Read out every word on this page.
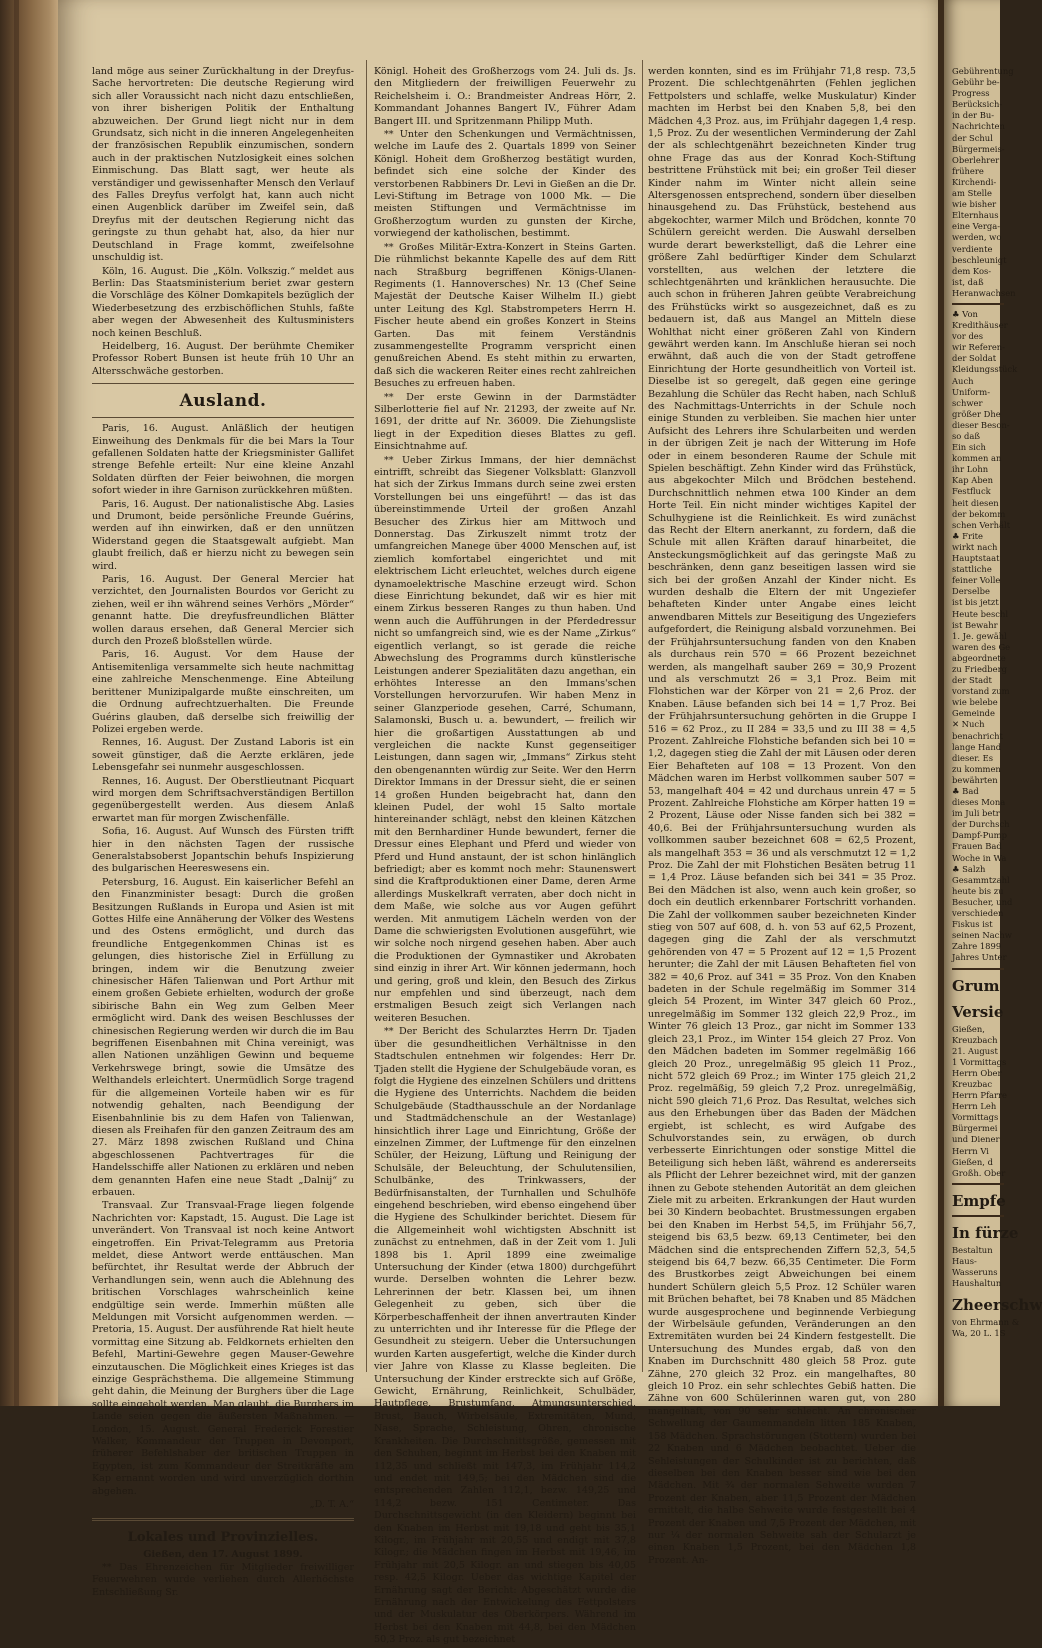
land möge aus seiner Zurückhaltung in der Dreyfus-Sache hervortreten: Die deutsche Regierung wird sich aller Voraussicht nach nicht dazu entschließen, von ihrer bisherigen Politik der Enthaltung abzuweichen. Der Grund liegt nicht nur in dem Grundsatz, sich nicht in die inneren Angelegenheiten der französischen Republik einzumischen, sondern auch in der praktischen Nutzlosigkeit eines solchen Einmischung. Das Blatt sagt, wer heute als verständiger und gewissenhafter Mensch den Verlauf des Falles Dreyfus verfolgt hat, kann auch nicht einen Augenblick darüber im Zweifel sein, daß Dreyfus mit der deutschen Regierung nicht das geringste zu thun gehabt hat, also, da hier nur Deutschland in Frage kommt, zweifelsohne unschuldig ist.

Köln, 16. August. Die „Köln. Volkszig.“ meldet aus Berlin: Das Staatsministerium beriet zwar gestern die Vorschläge des Kölner Domkapitels bezüglich der Wiederbesetzung des erzbischöflichen Stuhls, faßte aber wegen der Abwesenheit des Kultusministers noch keinen Beschluß.

Heidelberg, 16. August. Der berühmte Chemiker Professor Robert Bunsen ist heute früh 10 Uhr an Altersschwäche gestorben.

Ausland.

Paris, 16. August. Anläßlich der heutigen Einweihung des Denkmals für die bei Mars la Tour gefallenen Soldaten hatte der Kriegsminister Gallifet strenge Befehle erteilt: Nur eine kleine Anzahl Soldaten dürften der Feier beiwohnen, die morgen sofort wieder in ihre Garnison zurückkehren müßten.

Paris, 16. August. Der nationalistische Abg. Lasies und Drumont, beide persönliche Freunde Guérins, werden auf ihn einwirken, daß er den unnützen Widerstand gegen die Staatsgewalt aufgiebt. Man glaubt freilich, daß er hierzu nicht zu bewegen sein wird.

Paris, 16. August. Der General Mercier hat verzichtet, den Journalisten Bourdos vor Gericht zu ziehen, weil er ihn während seines Verhörs „Mörder“ genannt hatte. Die dreyfusfreundlichen Blätter wollen daraus ersehen, daß General Mercier sich durch den Prozeß bloßstellen würde.

Paris, 16. August. Vor dem Hause der Antisemitenliga versammelte sich heute nachmittag eine zahlreiche Menschenmenge. Eine Abteilung berittener Munizipalgarde mußte einschreiten, um die Ordnung aufrechtzuerhalten. Die Freunde Guérins glauben, daß derselbe sich freiwillig der Polizei ergeben werde.

Rennes, 16. August. Der Zustand Laboris ist ein soweit günstiger, daß die Aerzte erklären, jede Lebensgefahr sei nunmehr ausgeschlossen.

Rennes, 16. August. Der Oberstlieutnant Picquart wird morgen dem Schriftsachverständigen Bertillon gegenübergestellt werden. Aus diesem Anlaß erwartet man für morgen Zwischenfälle.

Sofia, 16. August. Auf Wunsch des Fürsten trifft hier in den nächsten Tagen der russische Generalstabsoberst Jopantschin behufs Inspizierung des bulgarischen Heereswesens ein.

Petersburg, 16. August. Ein kaiserlicher Befehl an den Finanzminister besagt: Durch die großen Besitzungen Rußlands in Europa und Asien ist mit Gottes Hilfe eine Annäherung der Völker des Westens und des Ostens ermöglicht, und durch das freundliche Entgegenkommen Chinas ist es gelungen, dies historische Ziel in Erfüllung zu bringen, indem wir die Benutzung zweier chinesischer Häfen Talienwan und Port Arthur mit einem großen Gebiete erhielten, wodurch der große sibirische Bahn ein Weg zum Gelben Meer ermöglicht wird. Dank des weisen Beschlusses der chinesischen Regierung werden wir durch die im Bau begriffenen Eisenbahnen mit China vereinigt, was allen Nationen unzähligen Gewinn und bequeme Verkehrswege bringt, sowie die Umsätze des Welthandels erleichtert. Unermüdlich Sorge tragend für die allgemeinen Vorteile haben wir es für notwendig gehalten, nach Beendigung der Eisenbahnlinie bis zu dem Hafen von Talienwan, diesen als Freihafen für den ganzen Zeitraum des am 27. März 1898 zwischen Rußland und China abgeschlossenen Pachtvertrages für die Handelsschiffe aller Nationen zu erklären und neben dem genannten Hafen eine neue Stadt „Dalnij“ zu erbauen.

Transvaal. Zur Transvaal-Frage liegen folgende Nachrichten vor: Kapstadt, 15. August. Die Lage ist unverändert. Von Transvaal ist noch keine Antwort eingetroffen. Ein Privat-Telegramm aus Pretoria meldet, diese Antwort werde enttäuschen. Man befürchtet, ihr Resultat werde der Abbruch der Verhandlungen sein, wenn auch die Ablehnung des britischen Vorschlages wahrscheinlich keine endgültige sein werde. Immerhin müßten alle Meldungen mit Vorsicht aufgenommen werden. — Pretoria, 15. August. Der ausführende Rat hielt heute vormittag eine Sitzung ab. Feldkornets erhielten den Befehl, Martini-Gewehre gegen Mauser-Gewehre einzutauschen. Die Möglichkeit eines Krieges ist das einzige Gesprächsthema. Die allgemeine Stimmung geht dahin, die Meinung der Burghers über die Lage sollte eingeholt werden. Man glaubt, die Burghers im Lande seien gegen die äußersten Maßnahmen. — London, 15. August. General Frederick Forestier Walker, Kommandeur der Truppen in Devonport, früherer Befehlshaber der britischen Truppen in Egypten, ist zum Kommandeur der Streitkräfte am Kap ernannt worden und wird unverzüglich dorthin abgehen.

„D. T. A.“

Lokales und Provinzielles.

Gießen, den 17. August 1899.

** Das Ehrenzeichen für Mitglieder freiwilliger Feuerwehren wurde verliehen durch Allerhöchste Entschließung Sr.

Königl. Hoheit des Großherzogs vom 24. Juli ds. Js. den Mitgliedern der freiwilligen Feuerwehr zu Reichelsheim i. O.: Brandmeister Andreas Hörr, 2. Kommandant Johannes Bangert IV., Führer Adam Bangert III. und Spritzenmann Philipp Muth.

** Unter den Schenkungen und Vermächtnissen, welche im Laufe des 2. Quartals 1899 von Seiner Königl. Hoheit dem Großherzog bestätigt wurden, befindet sich eine solche der Kinder des verstorbenen Rabbiners Dr. Levi in Gießen an die Dr. Levi-Stiftung im Betrage von 1000 Mk. — Die meisten Stiftungen und Vermächtnisse im Großherzogtum wurden zu gunsten der Kirche, vorwiegend der katholischen, bestimmt.

** Großes Militär-Extra-Konzert in Steins Garten. Die rühmlichst bekannte Kapelle des auf dem Ritt nach Straßburg begriffenen Königs-Ulanen-Regiments (1. Hannoversches) Nr. 13 (Chef Seine Majestät der Deutsche Kaiser Wilhelm II.) giebt unter Leitung des Kgl. Stabstrompeters Herrn H. Fischer heute abend ein großes Konzert in Steins Garten. Das mit feinem Verständnis zusammengestellte Programm verspricht einen genußreichen Abend. Es steht mithin zu erwarten, daß sich die wackeren Reiter eines recht zahlreichen Besuches zu erfreuen haben.

** Der erste Gewinn in der Darmstädter Silberlotterie fiel auf Nr. 21293, der zweite auf Nr. 1691, der dritte auf Nr. 36009. Die Ziehungsliste liegt in der Expedition dieses Blattes zu gefl. Einsichtnahme auf.

** Ueber Zirkus Immans, der hier demnächst eintrifft, schreibt das Siegener Volksblatt: Glanzvoll hat sich der Zirkus Immans durch seine zwei ersten Vorstellungen bei uns eingeführt! — das ist das übereinstimmende Urteil der großen Anzahl Besucher des Zirkus hier am Mittwoch und Donnerstag. Das Zirkuszelt nimmt trotz der umfangreichen Manege über 4000 Menschen auf, ist ziemlich komfortabel eingerichtet und mit elektrischem Licht erleuchtet, welches durch eigene dynamoelektrische Maschine erzeugt wird. Schon diese Einrichtung bekundet, daß wir es hier mit einem Zirkus besseren Ranges zu thun haben. Und wenn auch die Aufführungen in der Pferdedressur nicht so umfangreich sind, wie es der Name „Zirkus“ eigentlich verlangt, so ist gerade die reiche Abwechslung des Programms durch künstlerische Leistungen anderer Spezialitäten dazu angethan, ein erhöhtes Interesse an den Immans'schen Vorstellungen hervorzurufen. Wir haben Menz in seiner Glanzperiode gesehen, Carré, Schumann, Salamonski, Busch u. a. bewundert, — freilich wir hier die großartigen Ausstattungen ab und vergleichen die nackte Kunst gegenseitiger Leistungen, dann sagen wir, „Immans“ Zirkus steht den obengenannten würdig zur Seite. Wer den Herrn Direktor Immans in der Dressur sieht, die er seinen 14 großen Hunden beigebracht hat, dann den kleinen Pudel, der wohl 15 Salto mortale hintereinander schlägt, nebst den kleinen Kätzchen mit den Bernhardiner Hunde bewundert, ferner die Dressur eines Elephant und Pferd und wieder von Pferd und Hund anstaunt, der ist schon hinlänglich befriedigt; aber es kommt noch mehr: Staunenswert sind die Kraftproduktionen einer Dame, deren Arme allerdings Muskelkraft verraten, aber doch nicht in dem Maße, wie solche aus vor Augen geführt werden. Mit anmutigem Lächeln werden von der Dame die schwierigsten Evolutionen ausgeführt, wie wir solche noch nirgend gesehen haben. Aber auch die Produktionen der Gymnastiker und Akrobaten sind einzig in ihrer Art. Wir können jedermann, hoch und gering, groß und klein, den Besuch des Zirkus nur empfehlen und sind überzeugt, nach dem erstmaligen Besuch zeigt sich Verlangen nach weiteren Besuchen.

** Der Bericht des Schularztes Herrn Dr. Tjaden über die gesundheitlichen Verhältnisse in den Stadtschulen entnehmen wir folgendes: Herr Dr. Tjaden stellt die Hygiene der Schulgebäude voran, es folgt die Hygiene des einzelnen Schülers und drittens die Hygiene des Unterrichts. Nachdem die beiden Schulgebäude (Stadthausschule an der Nordanlage und Stadtmädchenschule an der Westanlage) hinsichtlich ihrer Lage und Einrichtung, Größe der einzelnen Zimmer, der Luftmenge für den einzelnen Schüler, der Heizung, Lüftung und Reinigung der Schulsäle, der Beleuchtung, der Schulutensilien, Schulbänke, des Trinkwassers, der Bedürfnisanstalten, der Turnhallen und Schulhöfe eingehend beschrieben, wird ebenso eingehend über die Hygiene des Schulkinder berichtet. Diesem für die Allgemeinheit wohl wichtigsten Abschnitt ist zunächst zu entnehmen, daß in der Zeit vom 1. Juli 1898 bis 1. April 1899 eine zweimalige Untersuchung der Kinder (etwa 1800) durchgeführt wurde. Derselben wohnten die Lehrer bezw. Lehrerinnen der betr. Klassen bei, um ihnen Gelegenheit zu geben, sich über die Körperbeschaffenheit der ihnen anvertrauten Kinder zu unterrichten und ihr Interesse für die Pflege der Gesundheit zu steigern. Ueber die Untersuchungen wurden Karten ausgefertigt, welche die Kinder durch vier Jahre von Klasse zu Klasse begleiten. Die Untersuchung der Kinder erstreckte sich auf Größe, Gewicht, Ernährung, Reinlichkeit, Schulbäder, Hautpflege, Brustumfang, Atmungsunterschied, Brust, Bauch, Wirbelsäule, Extremitäten, Mund, Nase, Sprache, Schleistung, Ohren, chronische Krankheiten. Die Durchschnittsgröße, gemessen mit den Schuhen, beginnt im Herbst bei den Knaben mit 112,35 und schließt mit 147,3, im Frühjahr 114,2 und endet mit 149,5; bei den Mädchen sind die entsprechenden Zahlen 112,1, bezw. 149,25 und 114,2 bezw. 151 Centimeter. Das Durchschnittsgewicht (in den Kleidern) beginnt bei den Knaben im Herbst mit 19,18 und geht bis 35,1 Kilogr., im Frühjahr mit 20,55 und endigt mit 37,8 Kilogr.; die Mädchen fingen im Herbst mit 19,46, im Frühjahr mit 20,5 Kilogr. an und stiegen bis 40,05 resp. 42,5 Kilogr. Ueber das wichtige Kapitel der Ernährung sagt der Bericht: Abgeschätzt wurde die Ernährung nach der Entwickelung des Fettpolsters und der Muskulatur des Oberkörpers. Während im Herbst bei den Knaben mit 44,8, bei den Mädchen 50,3 Proz. als gut bezeichnet

werden konnten, sind es im Frühjahr 71,8 resp. 73,5 Prozent. Die schlechtgenährten (Fehlen jeglichen Fettpolsters und schlaffe, welke Muskulatur) Kinder machten im Herbst bei den Knaben 5,8, bei den Mädchen 4,3 Proz. aus, im Frühjahr dagegen 1,4 resp. 1,5 Proz. Zu der wesentlichen Verminderung der Zahl der als schlechtgenährt bezeichneten Kinder trug ohne Frage das aus der Konrad Koch-Stiftung bestrittene Frühstück mit bei; ein großer Teil dieser Kinder nahm im Winter nicht allein seine Altersgenossen entsprechend, sondern über dieselben hinausgehend zu. Das Frühstück, bestehend aus abgekochter, warmer Milch und Brödchen, konnte 70 Schülern gereicht werden. Die Auswahl derselben wurde derart bewerkstelligt, daß die Lehrer eine größere Zahl bedürftiger Kinder dem Schularzt vorstellten, aus welchen der letztere die schlechtgenährten und kränklichen herausuchte. Die auch schon in früheren Jahren geübte Verabreichung des Frühstücks wirkt so ausgezeichnet, daß es zu bedauern ist, daß aus Mangel an Mitteln diese Wohlthat nicht einer größeren Zahl von Kindern gewährt werden kann. Im Anschluße hieran sei noch erwähnt, daß auch die von der Stadt getroffene Einrichtung der Horte gesundheitlich von Vorteil ist. Dieselbe ist so geregelt, daß gegen eine geringe Bezahlung die Schüler das Recht haben, nach Schluß des Nachmittags-Unterrichts in der Schule noch einige Stunden zu verbleiben. Sie machen hier unter Aufsicht des Lehrers ihre Schularbeiten und werden in der übrigen Zeit je nach der Witterung im Hofe oder in einem besonderen Raume der Schule mit Spielen beschäftigt. Zehn Kinder wird das Frühstück, aus abgekochter Milch und Brödchen bestehend. Durchschnittlich nehmen etwa 100 Kinder an dem Horte Teil. Ein nicht minder wichtiges Kapitel der Schulhygiene ist die Reinlichkeit. Es wird zunächst das Recht der Eltern anerkannt, zu fordern, daß die Schule mit allen Kräften darauf hinarbeitet, die Ansteckungsmöglichkeit auf das geringste Maß zu beschränken, denn ganz beseitigen lassen wird sie sich bei der großen Anzahl der Kinder nicht. Es wurden deshalb die Eltern der mit Ungeziefer behafteten Kinder unter Angabe eines leicht anwendbaren Mittels zur Beseitigung des Ungeziefers aufgefordert, die Reinigung alsbald vorzunehmen. Bei der Frühjahrsuntersuchung fanden von den Knaben als durchaus rein 570 = 66 Prozent bezeichnet werden, als mangelhaft sauber 269 = 30,9 Prozent und als verschmutzt 26 = 3,1 Proz. Beim mit Flohstichen war der Körper von 21 = 2,6 Proz. der Knaben. Läuse befanden sich bei 14 = 1,7 Proz. Bei der Frühjahrsuntersuchung gehörten in die Gruppe I 516 = 62 Proz., zu II 284 = 33,5 und zu III 38 = 4,5 Prozent. Zahlreiche Flohstiche befanden sich bei 10 = 1,2, dagegen stieg die Zahl der mit Läusen oder deren Eier Behafteten auf 108 = 13 Prozent. Von den Mädchen waren im Herbst vollkommen sauber 507 = 53, mangelhaft 404 = 42 und durchaus unrein 47 = 5 Prozent. Zahlreiche Flohstiche am Körper hatten 19 = 2 Prozent, Läuse oder Nisse fanden sich bei 382 = 40,6. Bei der Frühjahrsuntersuchung wurden als vollkommen sauber bezeichnet 608 = 62,5 Prozent, als mangelhaft 353 = 36 und als verschmutzt 12 = 1,2 Proz. Die Zahl der mit Flohstichen Besäten betrug 11 = 1,4 Proz. Läuse befanden sich bei 341 = 35 Proz. Bei den Mädchen ist also, wenn auch kein großer, so doch ein deutlich erkennbarer Fortschritt vorhanden. Die Zahl der vollkommen sauber bezeichneten Kinder stieg von 507 auf 608, d. h. von 53 auf 62,5 Prozent, dagegen ging die Zahl der als verschmutzt gehörenden von 47 = 5 Prozent auf 12 = 1,5 Prozent herunter; die Zahl der mit Läusen Behafteten fiel von 382 = 40,6 Proz. auf 341 = 35 Proz. Von den Knaben badeten in der Schule regelmäßig im Sommer 314 gleich 54 Prozent, im Winter 347 gleich 60 Proz., unregelmäßig im Sommer 132 gleich 22,9 Proz., im Winter 76 gleich 13 Proz., gar nicht im Sommer 133 gleich 23,1 Proz., im Winter 154 gleich 27 Proz. Von den Mädchen badeten im Sommer regelmäßig 166 gleich 20 Proz., unregelmäßig 95 gleich 11 Proz., nicht 572 gleich 69 Proz.; im Winter 175 gleich 21,2 Proz. regelmäßig, 59 gleich 7,2 Proz. unregelmäßig, nicht 590 gleich 71,6 Proz. Das Resultat, welches sich aus den Erhebungen über das Baden der Mädchen ergiebt, ist schlecht, es wird Aufgabe des Schulvorstandes sein, zu erwägen, ob durch verbesserte Einrichtungen oder sonstige Mittel die Beteiligung sich heben läßt, während es andererseits als Pflicht der Lehrer bezeichnet wird, mit der ganzen ihnen zu Gebote stehenden Autorität an dem gleichen Ziele mit zu arbeiten. Erkrankungen der Haut wurden bei 30 Kindern beobachtet. Brustmessungen ergaben bei den Knaben im Herbst 54,5, im Frühjahr 56,7, steigend bis 63,5 bezw. 69,13 Centimeter, bei den Mädchen sind die entsprechenden Ziffern 52,3, 54,5 steigend bis 64,7 bezw. 66,35 Centimeter. Die Form des Brustkorbes zeigt Abweichungen bei einem hundert Schülern gleich 5,5 Proz. 12 Schüler waren mit Brüchen behaftet, bei 78 Knaben und 85 Mädchen wurde ausgesprochene und beginnende Verbiegung der Wirbelsäule gefunden, Veränderungen an den Extremitäten wurden bei 24 Kindern festgestellt. Die Untersuchung des Mundes ergab, daß von den Knaben im Durchschnitt 480 gleich 58 Proz. gute Zähne, 270 gleich 32 Proz. ein mangelhaftes, 80 gleich 10 Proz. ein sehr schlechtes Gebiß hatten. Die Zähne von 600 Schülerinnen waren gut, von 280 mangelhaft, von 90 sehr schlecht. An chronischer Schwellung der Gaumenmandeln litten 185 Knaben, 158 Mädchen. Sprachstörungen (Stottern) wurden bei 22 Knaben und 6 Mädchen beobachtet. Ueber die Sehleistungen der Schulkinder ist zu berichten, daß dieselben bei den Knaben besser sind wie bei den Mädchen. Mit ³⁄₄ der normalen Sehweite wurden 7 Prozent der Knaben, aber 11,5 Prozent der Mädchen ermittelt, die halbe Sehweite wurde festgestellt bei 4 Prozent der Knaben und 7,5 Prozent der Mädchen, mit nur ¹⁄₄ der normalen Sehweite sah der Schularzt je einen Knaben 1,5 Prozent, bei den Mädchen 1,8 Prozent. An-

Gebührentung
Gebühr be-
Progress
Berücksich-
in der Bu-
Nachrichten
der Schul
Bürgermeis-
Oberlehrer
frühere
Kirchendi-
am Stelle
wie bisher
Elternhaus
eine Verga-
werden, wo
verdiente
beschleunigt
dem Kos-
ist, daß
Heranwachsen
♣ Von
Kredithäuser
vor des
wir Referen-
der Soldat
Kleidungsstück
Auch
Uniform-
schwer
größer Dhe
dieser Beson-
so daß
Ein sich
kommen an
ihr Lohn
Kap Aben
Festfluck
heit diesen
der bekomm
schen Verhält
♣ Frite
wirkt nach
Hauptstaat
stattliche
feiner Volle
Derselbe
ist bis jetzt
Heute beschl
ist Bewahr
1. Je. gewähl
waren des Ge
abgeordnete
zu Friedberg
der Stadt
vorstand zum
wie belebe
Gemeinde
✕ Nuch
benachricht
lange Hand
dieser. Es
zu kommen
bewährten
♣ Bad
dieses Mona
im Juli betr
der Durchsch
Dampf-Pump
Frauen Bad
Woche in Wa
♣ Salzh
Gesammtzahl
heute bis zu
Besucher, und
verschieden
Fiskus ist
seinen Nachw
Zahre 1899
Jahres Unter
Grum
Versie
Gießen,
Kreuzbach
21. August
1 Vormittags
Herrn Ober
Kreuzbac
Herrn Pfarre
Herrn Leh
Vormittags
Bürgermei
und Diener
Herrn Vi
Gießen, d
Großh. Ober
Empfe
In fürze
Bestaltun
Haus-
Wasseruns
Haushaltun
Zheerschw
von Ehrmann &
Wa, 20 L. 1S
